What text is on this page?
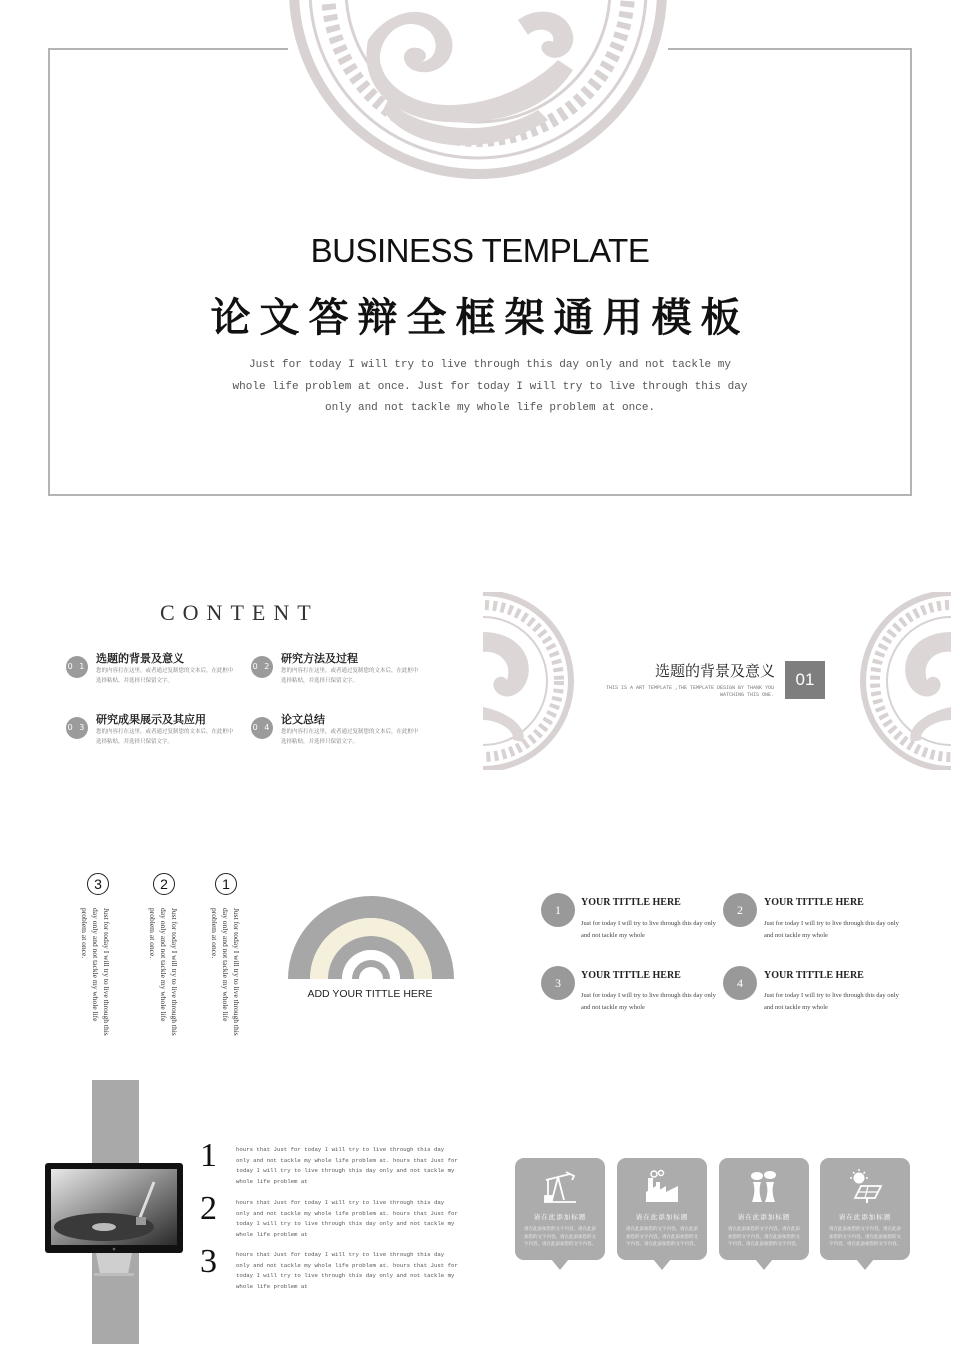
BUSINESS TEMPLATE
论文答辩全框架通用模板
Just for today I will try to live through this day only and not tackle my whole life problem at once. Just for today I will try to live through this day only and not tackle my whole life problem at once.
CONTENT
0 1
选题的背景及意义
您的内容打在这里，或者通过复制您的文本后，在此框中选择粘贴，并选择只保留文字。
0 2
研究方法及过程
您的内容打在这里，或者通过复制您的文本后，在此框中选择粘贴，并选择只保留文字。
0 3
研究成果展示及其应用
您的内容打在这里，或者通过复制您的文本后，在此框中选择粘贴，并选择只保留文字。
0 4
论文总结
您的内容打在这里，或者通过复制您的文本后，在此框中选择粘贴，并选择只保留文字。
选题的背景及意义
THIS IS A ART TEMPLATE ,THE TEMPLATE DESIGN BY THANK YOU WATCHING THIS ONE.
01
3	2	1
Just for today I will try to live through this day only and not tackle my whole life problem at once.	Just for today I will try to live through this day only and not tackle my whole life problem at once.	Just for today I will try to live through this day only and not tackle my whole life problem at once.
ADD YOUR TITTLE HERE
1
YOUR TITTLE HERE
Just for today I will try to live through this day only and not tackle my whole
2
YOUR TITTLE HERE
Just for today I will try to live through this day only and not tackle my whole
3
YOUR TITTLE HERE
Just for today I will try to live through this day only and not tackle my whole
4
YOUR TITTLE HERE
Just for today I will try to live through this day only and not tackle my whole
1	hours that Just for today I will try to live through this day only and not tackle my whole life problem at. hours that Just for today I will try to live through this day only and not tackle my whole life problem at
2	hours that Just for today I will try to live through this day only and not tackle my whole life problem at. hours that Just for today I will try to live through this day only and not tackle my whole life problem at
3	hours that Just for today I will try to live through this day only and not tackle my whole life problem at. hours that Just for today I will try to live through this day only and not tackle my whole life problem at
请在此添加标题
请在此添加您的文字内容。请在此添加您的文字内容。请在此添加您的文字内容。请在此添加您的文字内容。
请在此添加标题
请在此添加您的文字内容。请在此添加您的文字内容。请在此添加您的文字内容。请在此添加您的文字内容。
请在此添加标题
请在此添加您的文字内容。请在此添加您的文字内容。请在此添加您的文字内容。请在此添加您的文字内容。
请在此添加标题
请在此添加您的文字内容。请在此添加您的文字内容。请在此添加您的文字内容。请在此添加您的文字内容。
